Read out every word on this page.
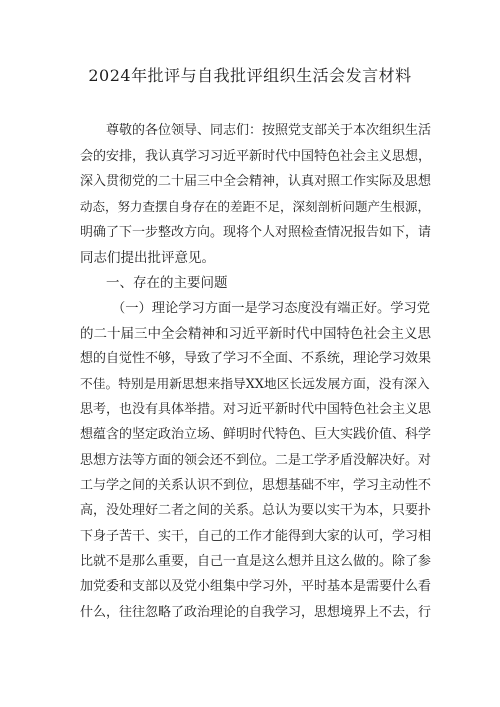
2024年批评与自我批评组织生活会发言材料
尊敬的各位领导、同志们：按照党支部关于本次组织生活
会的安排，我认真学习习近平新时代中国特色社会主义思想，
深入贯彻党的二十届三中全会精神，认真对照工作实际及思想
动态，努力查摆自身存在的差距不足，深刻剖析问题产生根源，
明确了下一步整改方向。现将个人对照检查情况报告如下，请
同志们提出批评意见。
一、存在的主要问题
（一）理论学习方面一是学习态度没有端正好。学习党
的二十届三中全会精神和习近平新时代中国特色社会主义思
想的自觉性不够，导致了学习不全面、不系统，理论学习效果
不佳。特别是用新思想来指导XX地区长远发展方面，没有深入
思考，也没有具体举措。对习近平新时代中国特色社会主义思
想蕴含的坚定政治立场、鲜明时代特色、巨大实践价值、科学
思想方法等方面的领会还不到位。二是工学矛盾没解决好。对
工与学之间的关系认识不到位，思想基础不牢，学习主动性不
高，没处理好二者之间的关系。总认为要以实干为本，只要扑
下身子苦干、实干，自己的工作才能得到大家的认可，学习相
比就不是那么重要，自己一直是这么想并且这么做的。除了参
加党委和支部以及党小组集中学习外，平时基本是需要什么看
什么，往往忽略了政治理论的自我学习，思想境界上不去，行
